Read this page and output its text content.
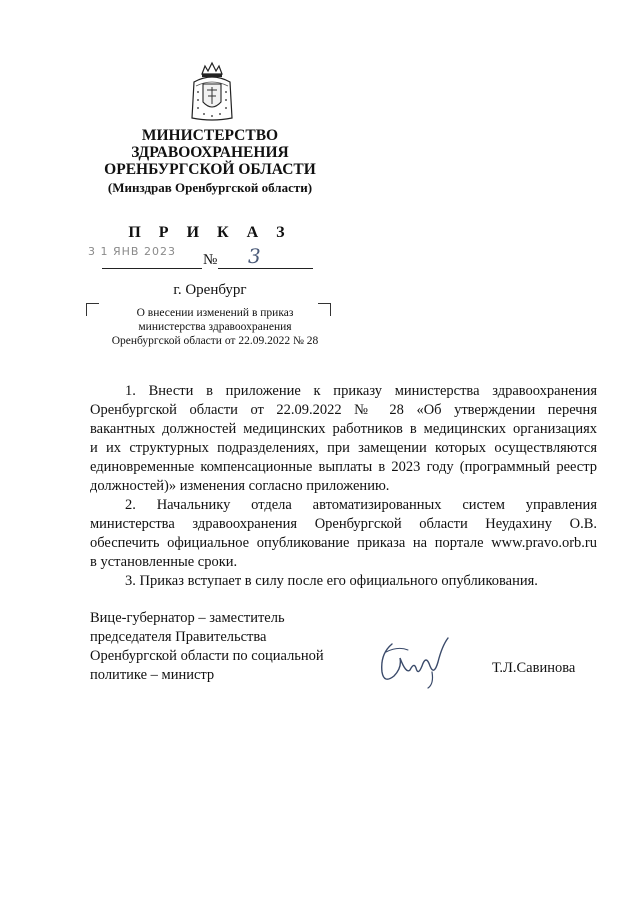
МИНИСТЕРСТВО
ЗДРАВООХРАНЕНИЯ
ОРЕНБУРГСКОЙ ОБЛАСТИ
(Минздрав Оренбургской области)
П Р И К А З
3 1 ЯНВ 2023
№ 3
г. Оренбург
О внесении изменений в приказ
министерства здравоохранения
Оренбургской области от 22.09.2022 № 28
1. Внести в приложение к приказу министерства здравоохранения
Оренбургской области от 22.09.2022 № 28 «Об утверждении перечня
вакантных должностей медицинских работников в медицинских организациях
и их структурных подразделениях, при замещении которых осуществляются
единовременные компенсационные выплаты в 2023 году (программный реестр
должностей)» изменения согласно приложению.
2. Начальнику отдела автоматизированных систем управления
министерства здравоохранения Оренбургской области Неудахину О.В.
обеспечить официальное опубликование приказа на портале www.pravo.orb.ru
в установленные сроки.
3. Приказ вступает в силу после его официального опубликования.
Вице-губернатор – заместитель
председателя Правительства
Оренбургской области по социальной
политике – министр	Т.Л.Савинова
